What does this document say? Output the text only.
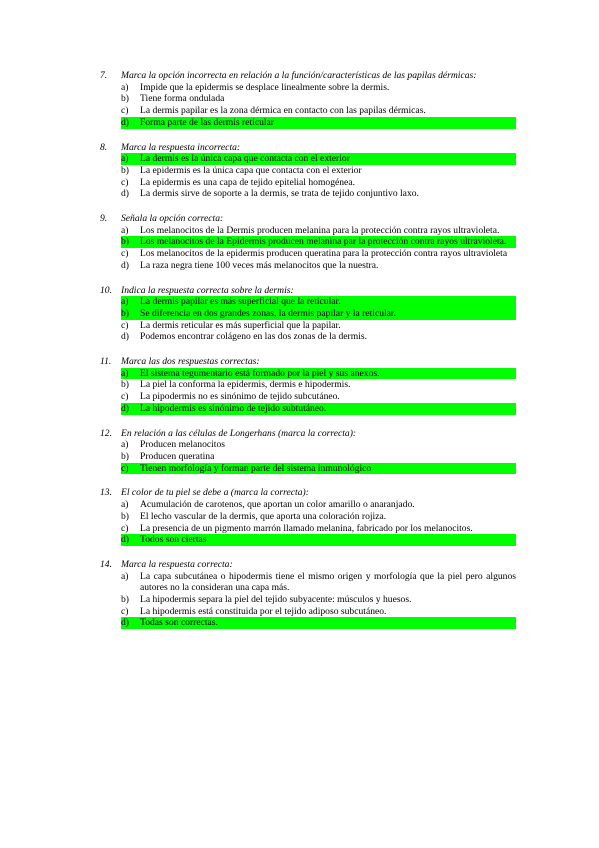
7.	Marca la opción incorrecta en relación a la función/características de las papilas dérmicas:
a)	Impide que la epidermis se desplace linealmente sobre la dermis.
b)	Tiene forma ondulada
c)	La dermis papilar es la zona dérmica en contacto con las papilas dérmicas.
d)	Forma parte de las dermis reticular
8.	Marca la respuesta incorrecta:
a)	La dermis es la única capa que contacta con el exterior
b)	La epidermis es la única capa que contacta con el exterior
c)	La epidermis es una capa de tejido epitelial homogénea.
d)	La dermis sirve de soporte a la dermis, se trata de tejido conjuntivo laxo.
9.	Señala la opción correcta:
a)	Los melanocitos de la Dermis producen melanina para la protección contra rayos ultravioleta.
b)	Los melanocitos de la Epidermis producen melanina par la protección contra rayos ultravioleta.
c)	Los melanocitos de la epidermis producen queratina para la protección contra rayos ultravioleta
d)	La raza negra tiene 100 veces más melanocitos que la nuestra.
10. Indica la respuesta correcta sobre la dermis:
a)	La dermis papilar es más superficial que la reticular.
b)	Se diferencia en dos grandes zonas, la dermis papilar y la reticular.
c)	La dermis reticular es más superficial que la papilar.
d)	Podemos encontrar colágeno en las dos zonas de la dermis.
11.	Marca las dos respuestas correctas:
a)	El sistema tegumentario está formado por la piel y sus anexos.
b)	La piel la conforma la epidermis, dermis e hipodermis.
c)	La pipodermis no es sinónimo de tejido subcutáneo.
d)	La hipodermis es sinónimo de tejido subtutáneo.
12. En relación a las células de Longerhans (marca la correcta):
a)	Producen melanocitos
b)	Producen queratina
c)	Tienen morfología y forman parte del sistema inmunológico
13. El color de tu piel se debe a (marca la correcta):
a)	Acumulación de carotenos, que aportan un color amarillo o anaranjado.
b)	El lecho vascular de la dermis, que aporta una coloración rojiza.
c)	La presencia de un pigmento marrón llamado melanina, fabricado por los melanocitos.
d)	Todos son ciertas
14. Marca la respuesta correcta:
a)	La capa subcutánea o hipodermis tiene el mismo origen y morfología que la piel pero algunos autores no la consideran una capa más.
b)	La hipodermis separa la piel del tejido subyacente: músculos y huesos.
c)	La hipodermis está constituida por el tejido adiposo subcutáneo.
d)	Todas son correctas.
